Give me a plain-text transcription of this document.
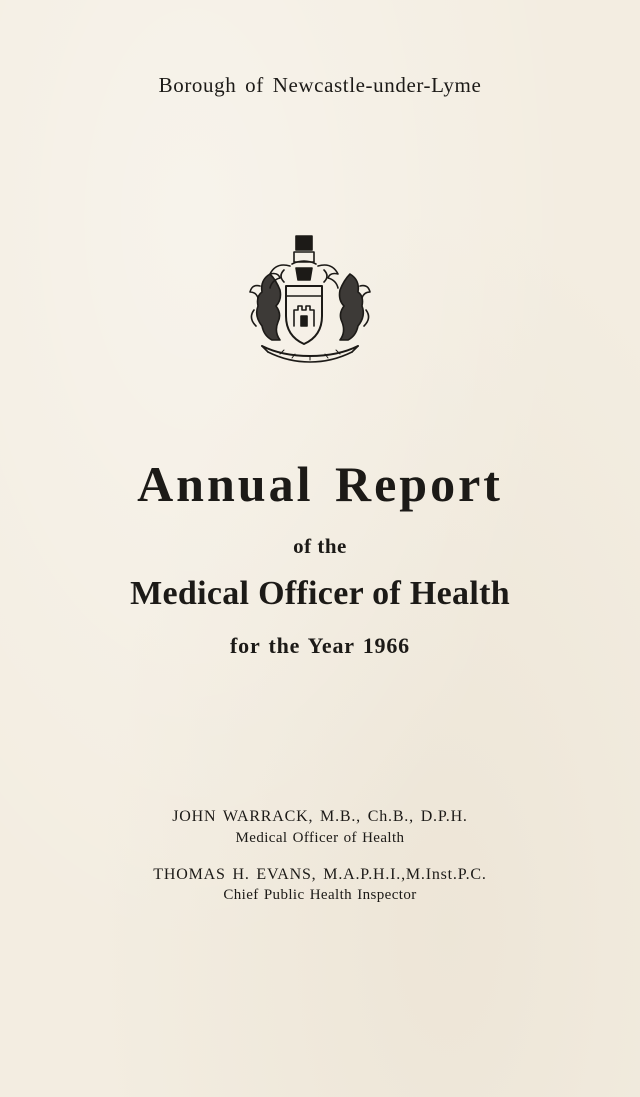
Borough of Newcastle-under-Lyme
Annual Report
of the
Medical Officer of Health
for the Year 1966
JOHN WARRACK, M.B., Ch.B., D.P.H.
Medical Officer of Health
THOMAS H. EVANS, M.A.P.H.I.,M.Inst.P.C.
Chief Public Health Inspector
